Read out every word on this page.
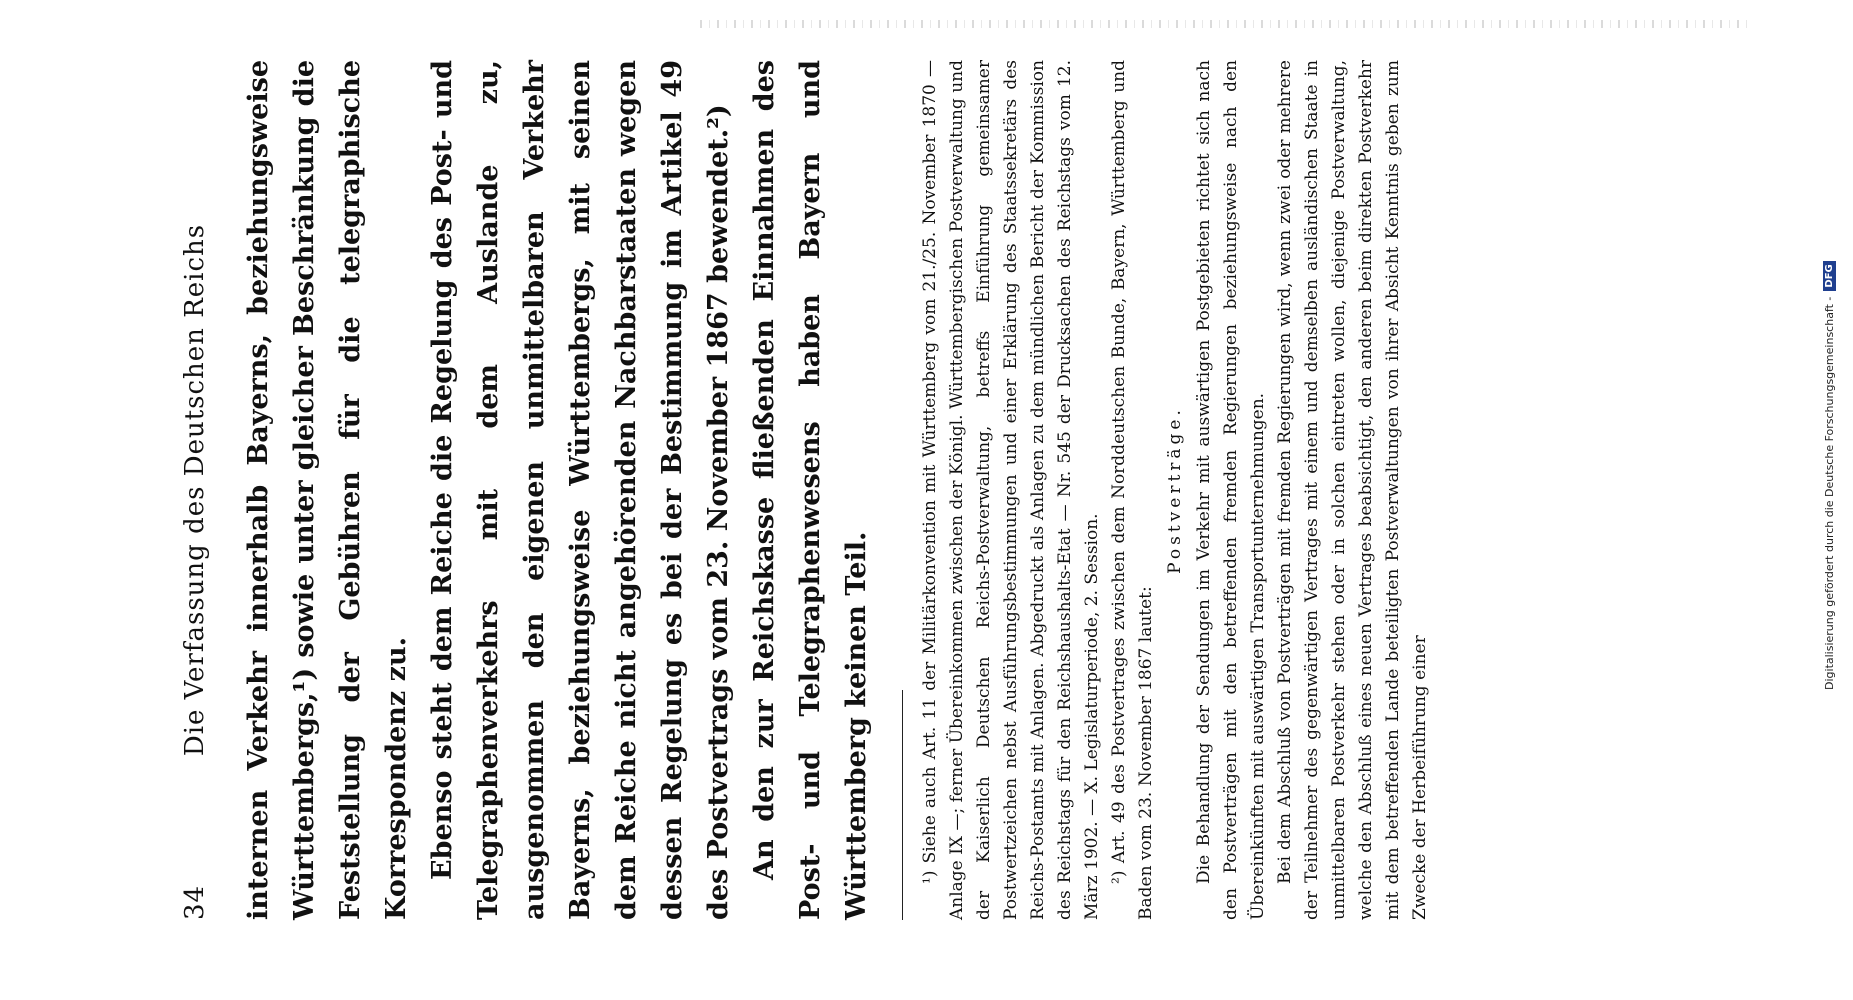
34
Die Verfassung des Deutschen Reichs internen Verkehr innerhalb Bayerns, beziehungsweise Württembergs,¹) sowie unter gleicher Beschränkung die Feststellung der Gebühren für die telegraphische Korrespondenz zu. Ebenso steht dem Reiche die Regelung des Post- und Telegraphenverkehrs mit dem Auslande zu, ausgenommen den eigenen unmittelbaren Verkehr Bayerns, beziehungsweise Württembergs, mit seinen dem Reiche nicht angehörenden Nachbarstaaten wegen dessen Regelung es bei der Bestimmung im Artikel 49 des Postvertrags vom 23. November 1867 bewendet.²) An den zur Reichskasse fließenden Einnahmen des Post- und Telegraphenwesens haben Bayern und Württemberg keinen Teil.	¹) Siehe auch Art. 11 der Militärkonvention mit Württemberg vom 21./25. November 1870 — Anlage IX —; ferner Übereinkommen zwischen der Königl. Württembergischen Postverwaltung und der Kaiserlich Deutschen Reichs-Postverwaltung, betreffs Einführung gemeinsamer Postwertzeichen nebst Ausführungsbestimmungen und einer Erklärung des Staatssekretärs des Reichs-Postamts mit Anlagen. Abgedruckt als Anlagen zu dem mündlichen Bericht der Kommission des Reichstags für den Reichshaushalts-Etat — Nr. 545 der Drucksachen des Reichstags vom 12. März 1902. — X. Legislaturperiode, 2. Session. ²) Art. 49 des Postvertrages zwischen dem Norddeutschen Bunde, Bayern, Württemberg und Baden vom 23. November 1867 lautet:

Postverträge. Die Behandlung der Sendungen im Verkehr mit auswärtigen Postgebieten richtet sich nach den Postverträgen mit den betreffenden fremden Regierungen beziehungsweise nach den Übereinkünften mit auswärtigen Transportunternehmungen. Bei dem Abschluß von Postverträgen mit fremden Regierungen wird, wenn zwei oder mehrere der Teilnehmer des gegenwärtigen Vertrages mit einem und demselben ausländischen Staate in unmittelbaren Postverkehr stehen oder in solchen eintreten wollen, diejenige Postverwaltung, welche den Abschluß eines neuen Vertrages beabsichtigt, den anderen beim direkten Postverkehr mit dem betreffenden Lande beteiligten Postverwaltungen von ihrer Absicht Kenntnis geben zum Zwecke der Herbeiführung einer

Digitalisierung gefördert durch die Deutsche Forschungsgemeinschaft -
DFG
